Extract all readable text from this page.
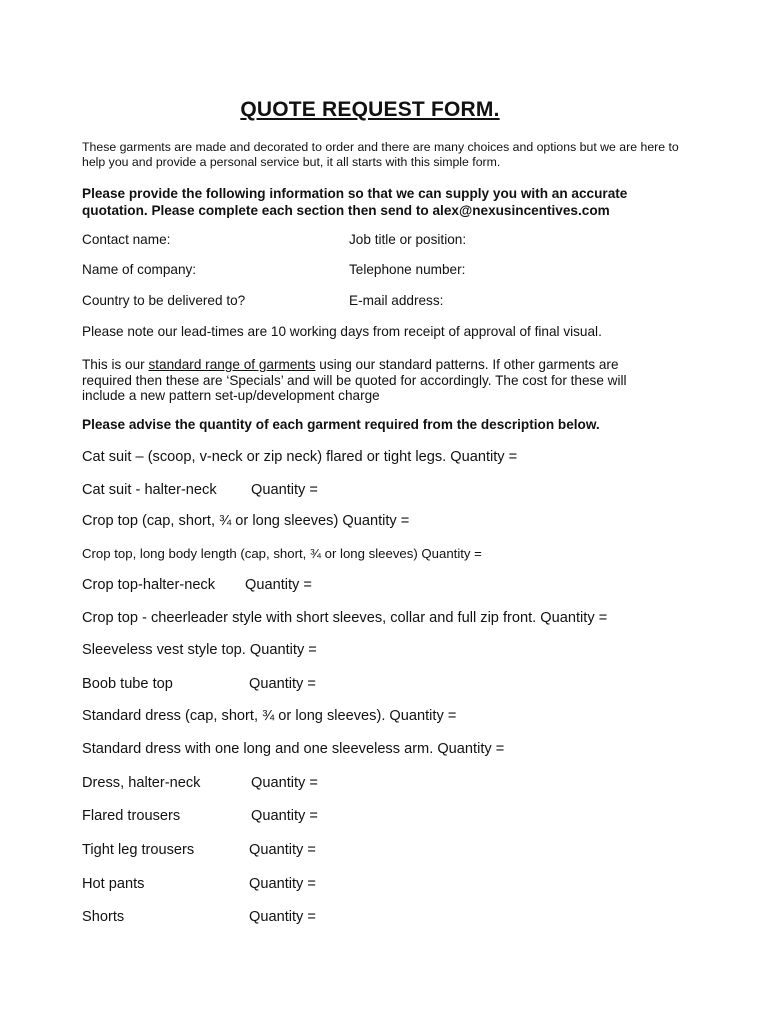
QUOTE REQUEST FORM.
These garments are made and decorated to order and there are many choices and options but we are here to help you and provide a personal service but, it all starts with this simple form.
Please provide the following information so that we can supply you with an accurate quotation. Please complete each section then send to alex@nexusincentives.com
Contact name:	Job title or position:
Name of company:	Telephone number:
Country to be delivered to?	E-mail address:
Please note our lead-times are 10 working days from receipt of approval of final visual.
This is our standard range of garments using our standard patterns. If other garments are required then these are ‘Specials’ and will be quoted for accordingly. The cost for these will include a new pattern set-up/development charge
Please advise the quantity of each garment required from the description below.
Cat suit – (scoop, v-neck or zip neck) flared or tight legs. Quantity =
Cat suit - halter-neck Quantity =
Crop top (cap, short, ¾ or long sleeves) Quantity =
Crop top, long body length (cap, short, ¾ or long sleeves) Quantity =
Crop top-halter-neck Quantity =
Crop top - cheerleader style with short sleeves, collar and full zip front. Quantity =
Sleeveless vest style top. Quantity =
Boob tube top	Quantity =
Standard dress (cap, short, ¾ or long sleeves). Quantity =
Standard dress with one long and one sleeveless arm. Quantity =
Dress, halter-neck	Quantity =
Flared trousers	Quantity =
Tight leg trousers	Quantity =
Hot pants	Quantity =
Shorts	Quantity =
